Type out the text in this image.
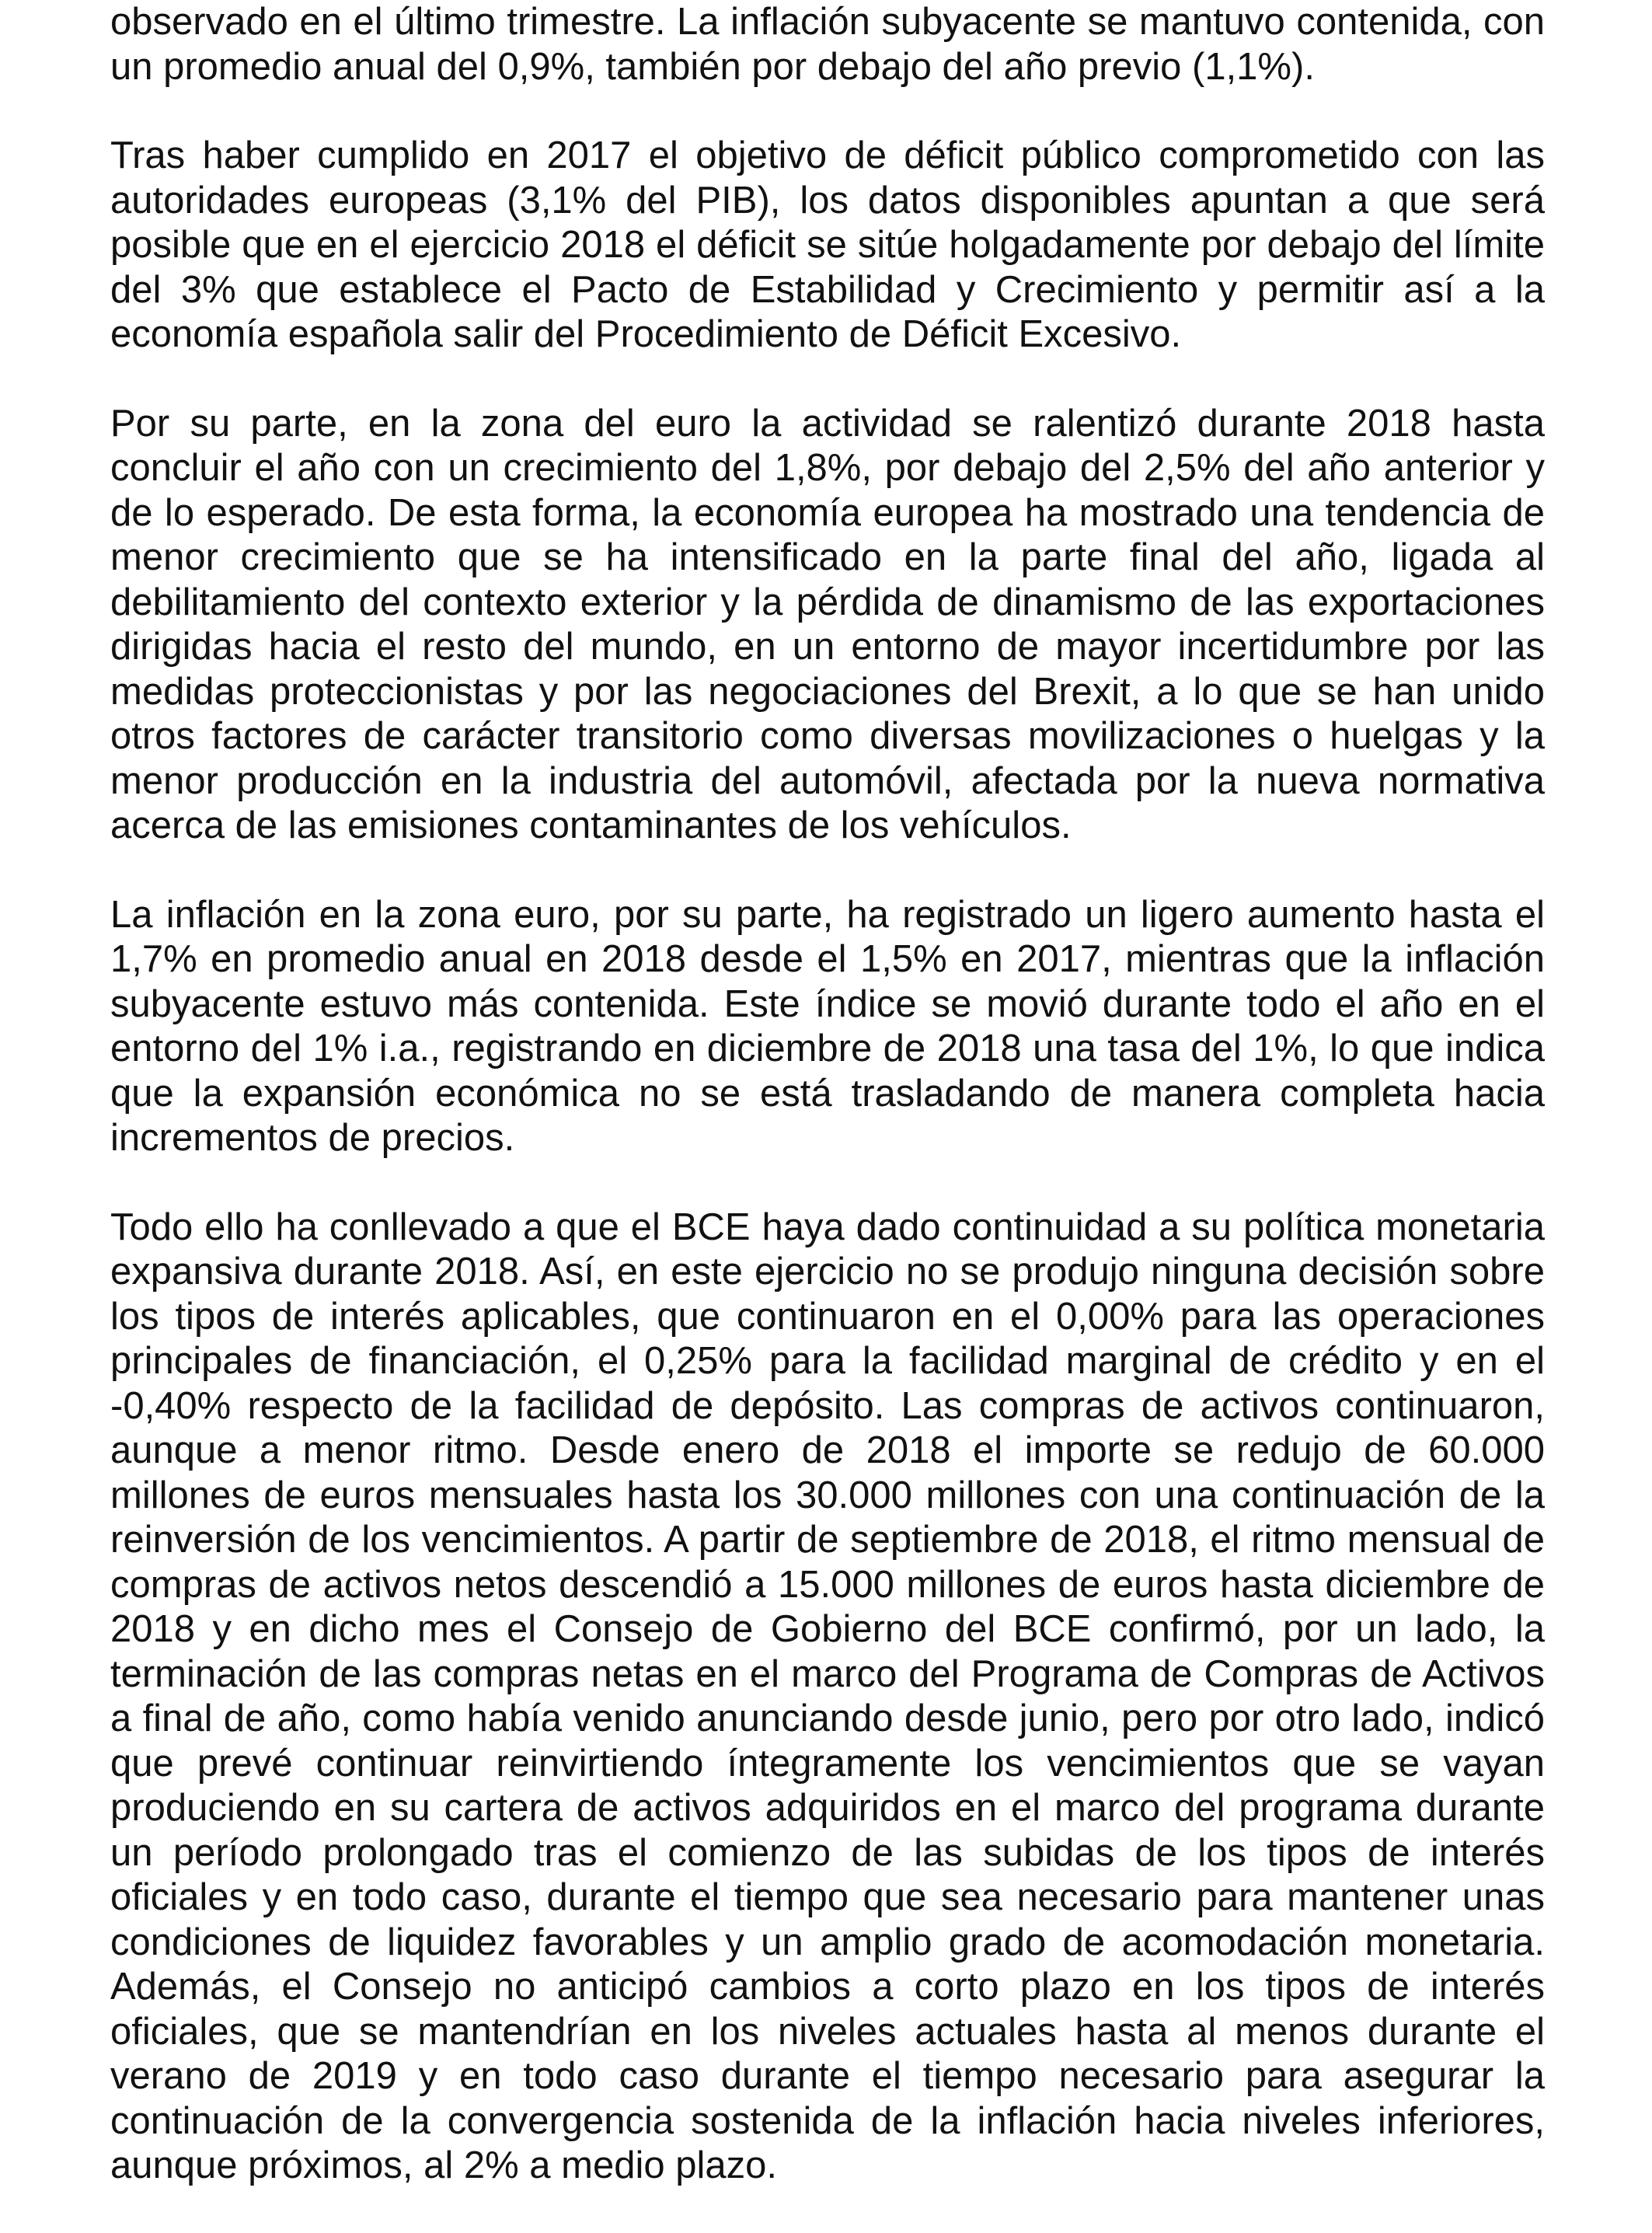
observado en el último trimestre. La inflación subyacente se mantuvo contenida, con un promedio anual del 0,9%, también por debajo del año previo (1,1%).

Tras haber cumplido en 2017 el objetivo de déficit público comprometido con las autoridades europeas (3,1% del PIB), los datos disponibles apuntan a que será posible que en el ejercicio 2018 el déficit se sitúe holgadamente por debajo del límite del 3% que establece el Pacto de Estabilidad y Crecimiento y permitir así a la economía española salir del Procedimiento de Déficit Excesivo.

Por su parte, en la zona del euro la actividad se ralentizó durante 2018 hasta concluir el año con un crecimiento del 1,8%, por debajo del 2,5% del año anterior y de lo esperado. De esta forma, la economía europea ha mostrado una tendencia de menor crecimiento que se ha intensificado en la parte final del año, ligada al debilitamiento del contexto exterior y la pérdida de dinamismo de las exportaciones dirigidas hacia el resto del mundo, en un entorno de mayor incertidumbre por las medidas proteccionistas y por las negociaciones del Brexit, a lo que se han unido otros factores de carácter transitorio como diversas movilizaciones o huelgas y la menor producción en la industria del automóvil, afectada por la nueva normativa acerca de las emisiones contaminantes de los vehículos.

La inflación en la zona euro, por su parte, ha registrado un ligero aumento hasta el 1,7% en promedio anual en 2018 desde el 1,5% en 2017, mientras que la inflación subyacente estuvo más contenida. Este índice se movió durante todo el año en el entorno del 1% i.a., registrando en diciembre de 2018 una tasa del 1%, lo que indica que la expansión económica no se está trasladando de manera completa hacia incrementos de precios.

Todo ello ha conllevado a que el BCE haya dado continuidad a su política monetaria expansiva durante 2018. Así, en este ejercicio no se produjo ninguna decisión sobre los tipos de interés aplicables, que continuaron en el 0,00% para las operaciones principales de financiación, el 0,25% para la facilidad marginal de crédito y en el -0,40% respecto de la facilidad de depósito. Las compras de activos continuaron, aunque a menor ritmo. Desde enero de 2018 el importe se redujo de 60.000 millones de euros mensuales hasta los 30.000 millones con una continuación de la reinversión de los vencimientos. A partir de septiembre de 2018, el ritmo mensual de compras de activos netos descendió a 15.000 millones de euros hasta diciembre de 2018 y en dicho mes el Consejo de Gobierno del BCE confirmó, por un lado, la terminación de las compras netas en el marco del Programa de Compras de Activos a final de año, como había venido anunciando desde junio, pero por otro lado, indicó que prevé continuar reinvirtiendo íntegramente los vencimientos que se vayan produciendo en su cartera de activos adquiridos en el marco del programa durante un período prolongado tras el comienzo de las subidas de los tipos de interés oficiales y en todo caso, durante el tiempo que sea necesario para mantener unas condiciones de liquidez favorables y un amplio grado de acomodación monetaria. Además, el Consejo no anticipó cambios a corto plazo en los tipos de interés oficiales, que se mantendrían en los niveles actuales hasta al menos durante el verano de 2019 y en todo caso durante el tiempo necesario para asegurar la continuación de la convergencia sostenida de la inflación hacia niveles inferiores, aunque próximos, al 2% a medio plazo.
